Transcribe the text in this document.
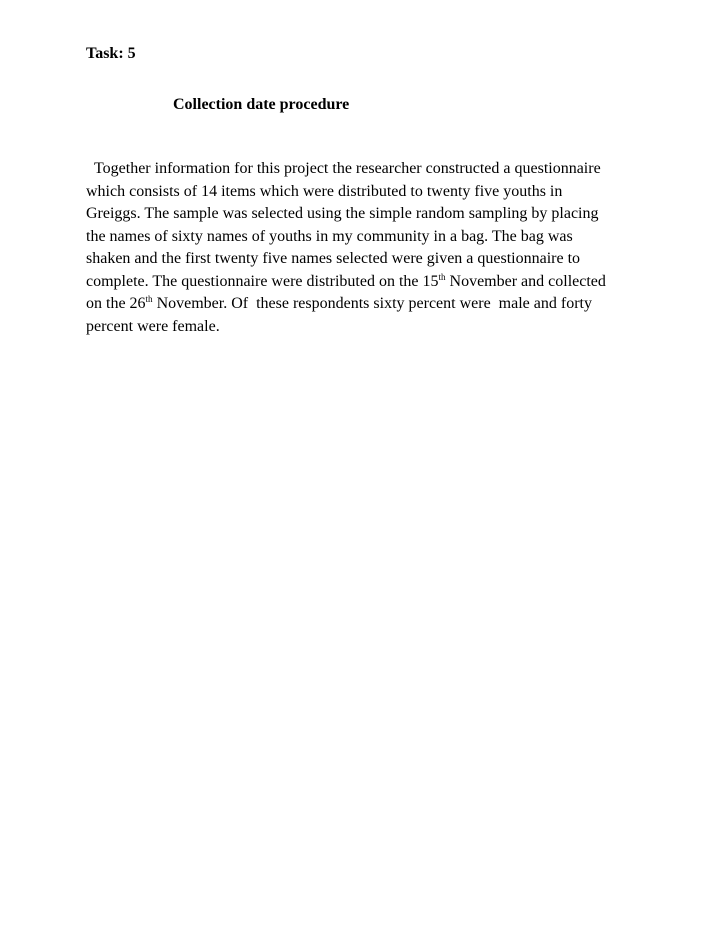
Task: 5

Collection date procedure

Together information for this project the researcher constructed a questionnaire
which consists of 14 items which were distributed to twenty five youths in
Greiggs. The sample was selected using the simple random sampling by placing
the names of sixty names of youths in my community in a bag. The bag was
shaken and the first twenty five names selected were given a questionnaire to
complete. The questionnaire were distributed on the 15th November and collected
on the 26th November. Of  these respondents sixty percent were  male and forty
percent were female.
